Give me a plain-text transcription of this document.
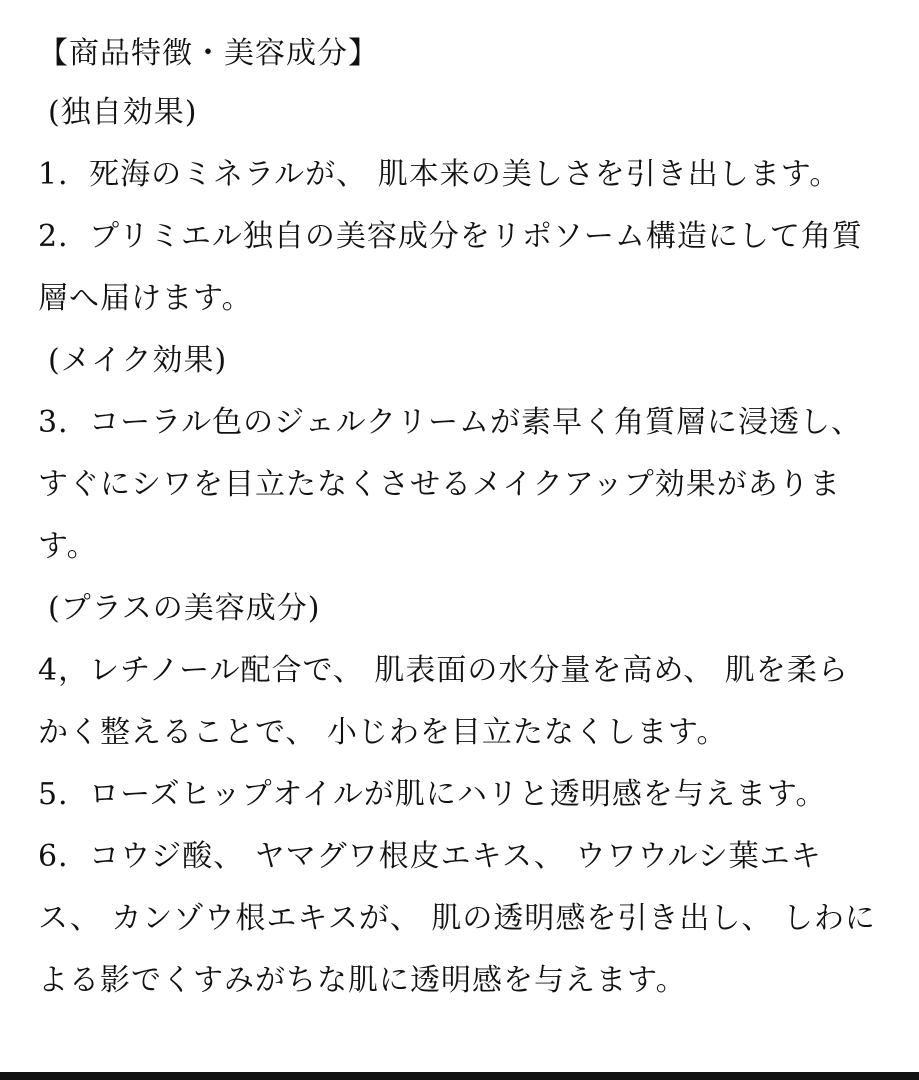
【商品特徴・美容成分】
(独自効果)
1．死海のミネラルが、 肌本来の美しさを引き出します。
2．プリミエル独自の美容成分をリポソーム構造にして角質
層へ届けます。
(メイク効果)
3．コーラル色のジェルクリームが素早く角質層に浸透し、
すぐにシワを目立たなくさせるメイクアップ効果がありま
す。
(プラスの美容成分)
4，レチノール配合で、 肌表面の水分量を高め、 肌を柔ら
かく整えることで、 小じわを目立たなくします。
5．ローズヒップオイルが肌にハリと透明感を与えます。
6．コウジ酸、 ヤマグワ根皮エキス、 ウワウルシ葉エキ
ス、 カンゾウ根エキスが、 肌の透明感を引き出し、 しわに
よる影でくすみがちな肌に透明感を与えます。
